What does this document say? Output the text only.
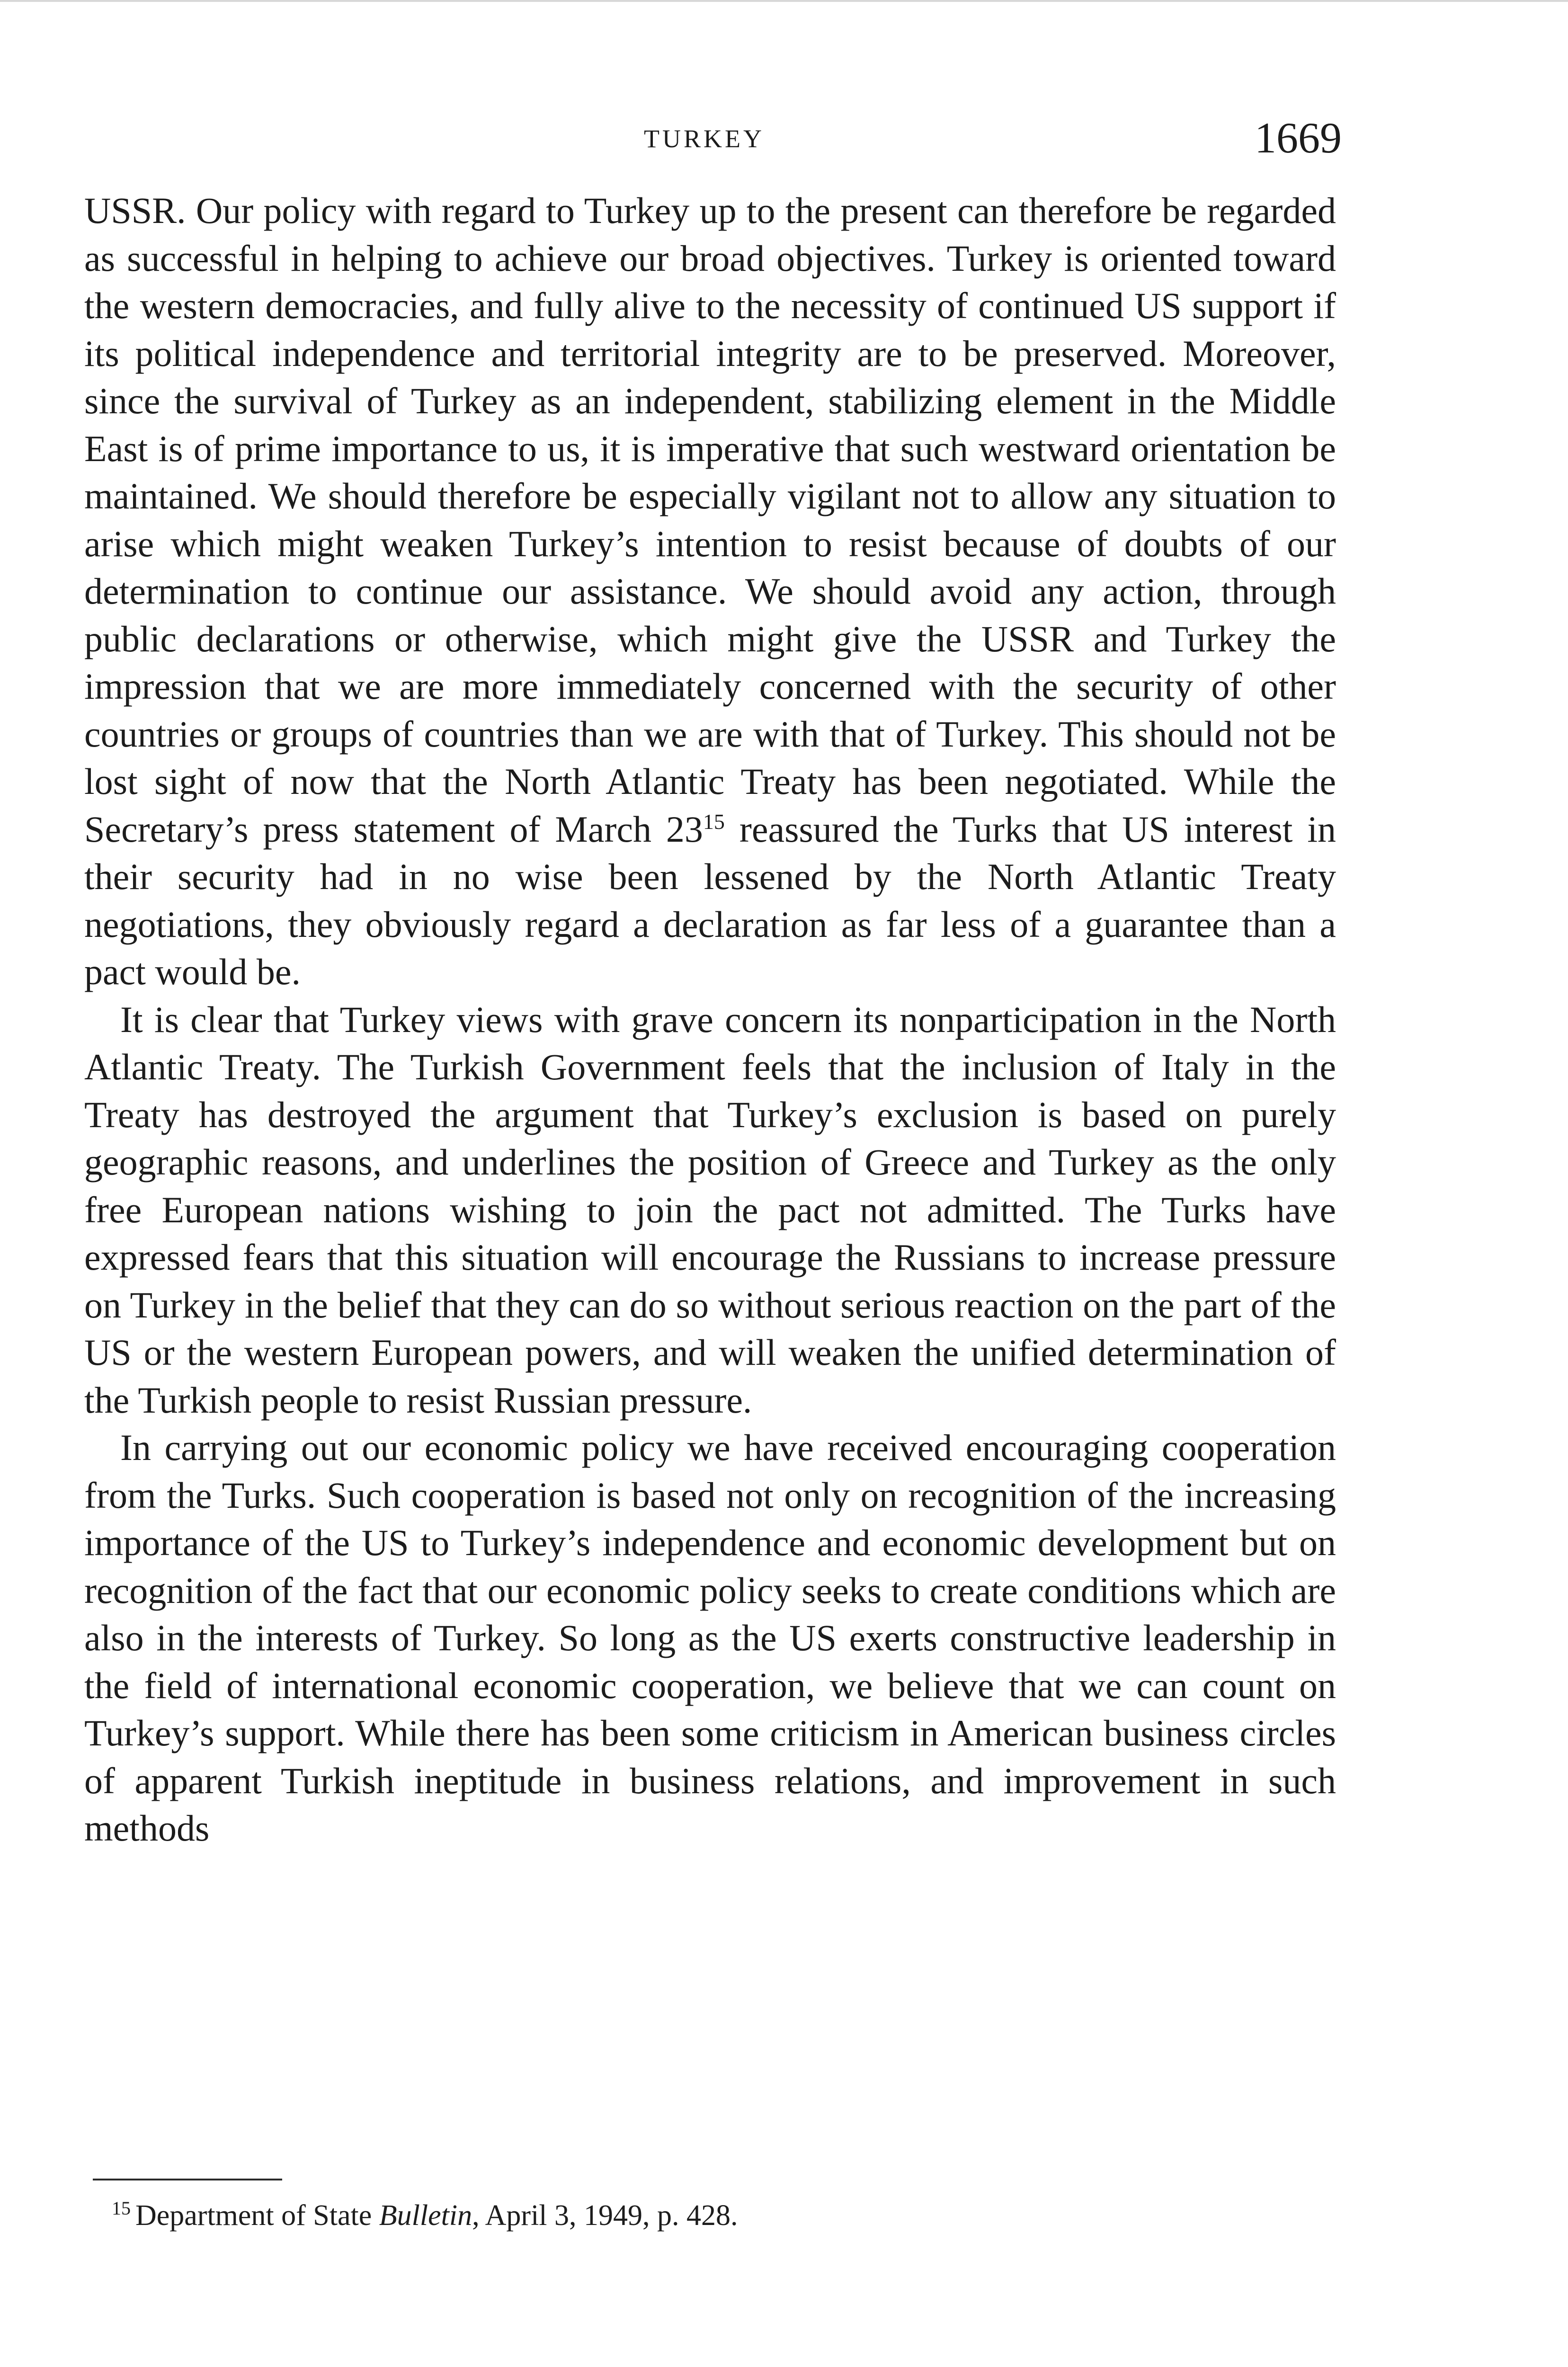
TURKEY	1669

USSR. Our policy with regard to Turkey up to the present can therefore be regarded as successful in helping to achieve our broad objectives. Turkey is oriented toward the western democracies, and fully alive to the necessity of continued US support if its political independence and territorial integrity are to be preserved. Moreover, since the survival of Turkey as an independent, stabilizing element in the Middle East is of prime importance to us, it is imperative that such westward orientation be maintained. We should therefore be especially vigilant not to allow any situation to arise which might weaken Turkey’s intention to resist because of doubts of our determination to continue our assistance. We should avoid any action, through public declarations or otherwise, which might give the USSR and Turkey the impression that we are more immediately concerned with the security of other countries or groups of countries than we are with that of Turkey. This should not be lost sight of now that the North Atlantic Treaty has been negotiated. While the Secretary’s press statement of March 23$^{15}$ reassured the Turks that US interest in their security had in no wise been lessened by the North Atlantic Treaty negotiations, they obviously regard a declaration as far less of a guarantee than a pact would be.

It is clear that Turkey views with grave concern its nonparticipation in the North Atlantic Treaty. The Turkish Government feels that the inclusion of Italy in the Treaty has destroyed the argument that Turkey’s exclusion is based on purely geographic reasons, and underlines the position of Greece and Turkey as the only free European nations wishing to join the pact not admitted. The Turks have expressed fears that this situation will encourage the Russians to increase pressure on Turkey in the belief that they can do so without serious reaction on the part of the US or the western European powers, and will weaken the unified determination of the Turkish people to resist Russian pressure.

In carrying out our economic policy we have received encouraging cooperation from the Turks. Such cooperation is based not only on recognition of the increasing importance of the US to Turkey’s independence and economic development but on recognition of the fact that our economic policy seeks to create conditions which are also in the interests of Turkey. So long as the US exerts constructive leadership in the field of international economic cooperation, we believe that we can count on Turkey’s support. While there has been some criticism in American business circles of apparent Turkish ineptitude in business relations, and improvement in such methods

$^{15}$ Department of State Bulletin, April 3, 1949, p. 428.
